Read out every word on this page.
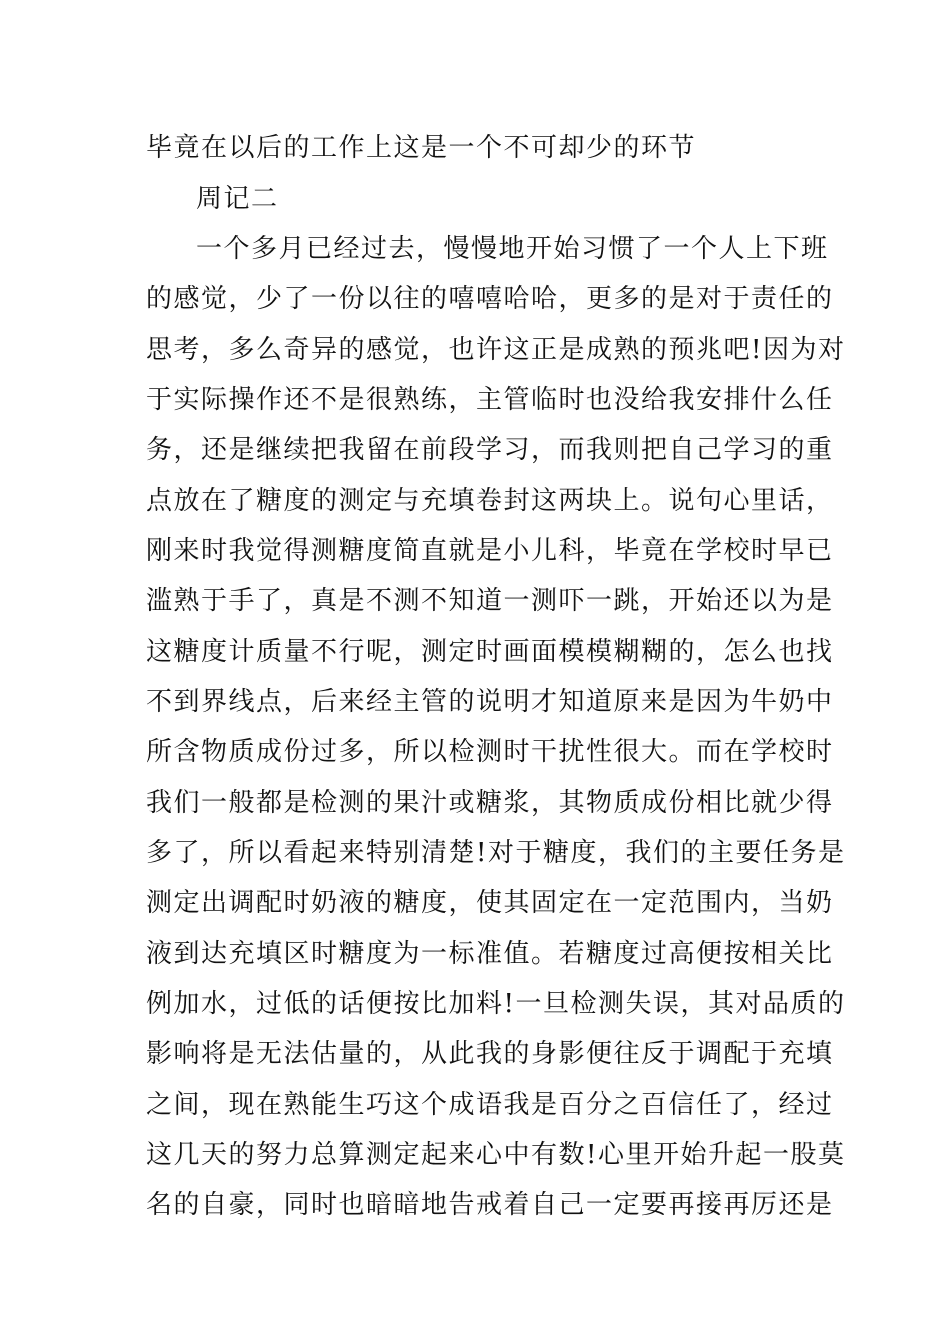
毕竟在以后的工作上这是一个不可却少的环节
周记二
一个多月已经过去，慢慢地开始习惯了一个人上下班
的感觉，少了一份以往的嘻嘻哈哈，更多的是对于责任的
思考，多么奇异的感觉，也许这正是成熟的预兆吧!因为对
于实际操作还不是很熟练，主管临时也没给我安排什么任
务，还是继续把我留在前段学习，而我则把自己学习的重
点放在了糖度的测定与充填卷封这两块上。说句心里话，
刚来时我觉得测糖度简直就是小儿科，毕竟在学校时早已
滥熟于手了，真是不测不知道一测吓一跳，开始还以为是
这糖度计质量不行呢，测定时画面模模糊糊的，怎么也找
不到界线点，后来经主管的说明才知道原来是因为牛奶中
所含物质成份过多，所以检测时干扰性很大。而在学校时
我们一般都是检测的果汁或糖浆，其物质成份相比就少得
多了，所以看起来特别清楚!对于糖度，我们的主要任务是
测定出调配时奶液的糖度，使其固定在一定范围内，当奶
液到达充填区时糖度为一标准值。若糖度过高便按相关比
例加水，过低的话便按比加料!一旦检测失误，其对品质的
影响将是无法估量的，从此我的身影便往反于调配于充填
之间，现在熟能生巧这个成语我是百分之百信任了，经过
这几天的努力总算测定起来心中有数!心里开始升起一股莫
名的自豪，同时也暗暗地告戒着自己一定要再接再厉还是
